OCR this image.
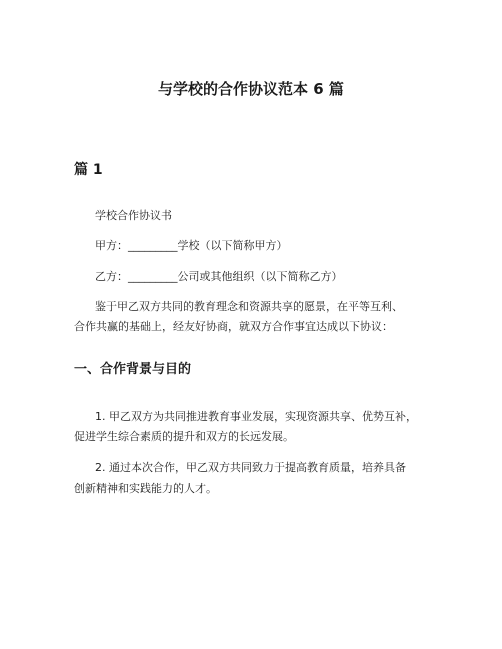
与学校的合作协议范本 6 篇
篇 1
学校合作协议书
甲方：_________学校（以下简称甲方）
乙方：_________公司或其他组织（以下简称乙方）
鉴于甲乙双方共同的教育理念和资源共享的愿景，在平等互利、
合作共赢的基础上，经友好协商，就双方合作事宜达成以下协议：
一、合作背景与目的
1. 甲乙双方为共同推进教育事业发展，实现资源共享、优势互补，
促进学生综合素质的提升和双方的长远发展。
2. 通过本次合作，甲乙双方共同致力于提高教育质量，培养具备
创新精神和实践能力的人才。
